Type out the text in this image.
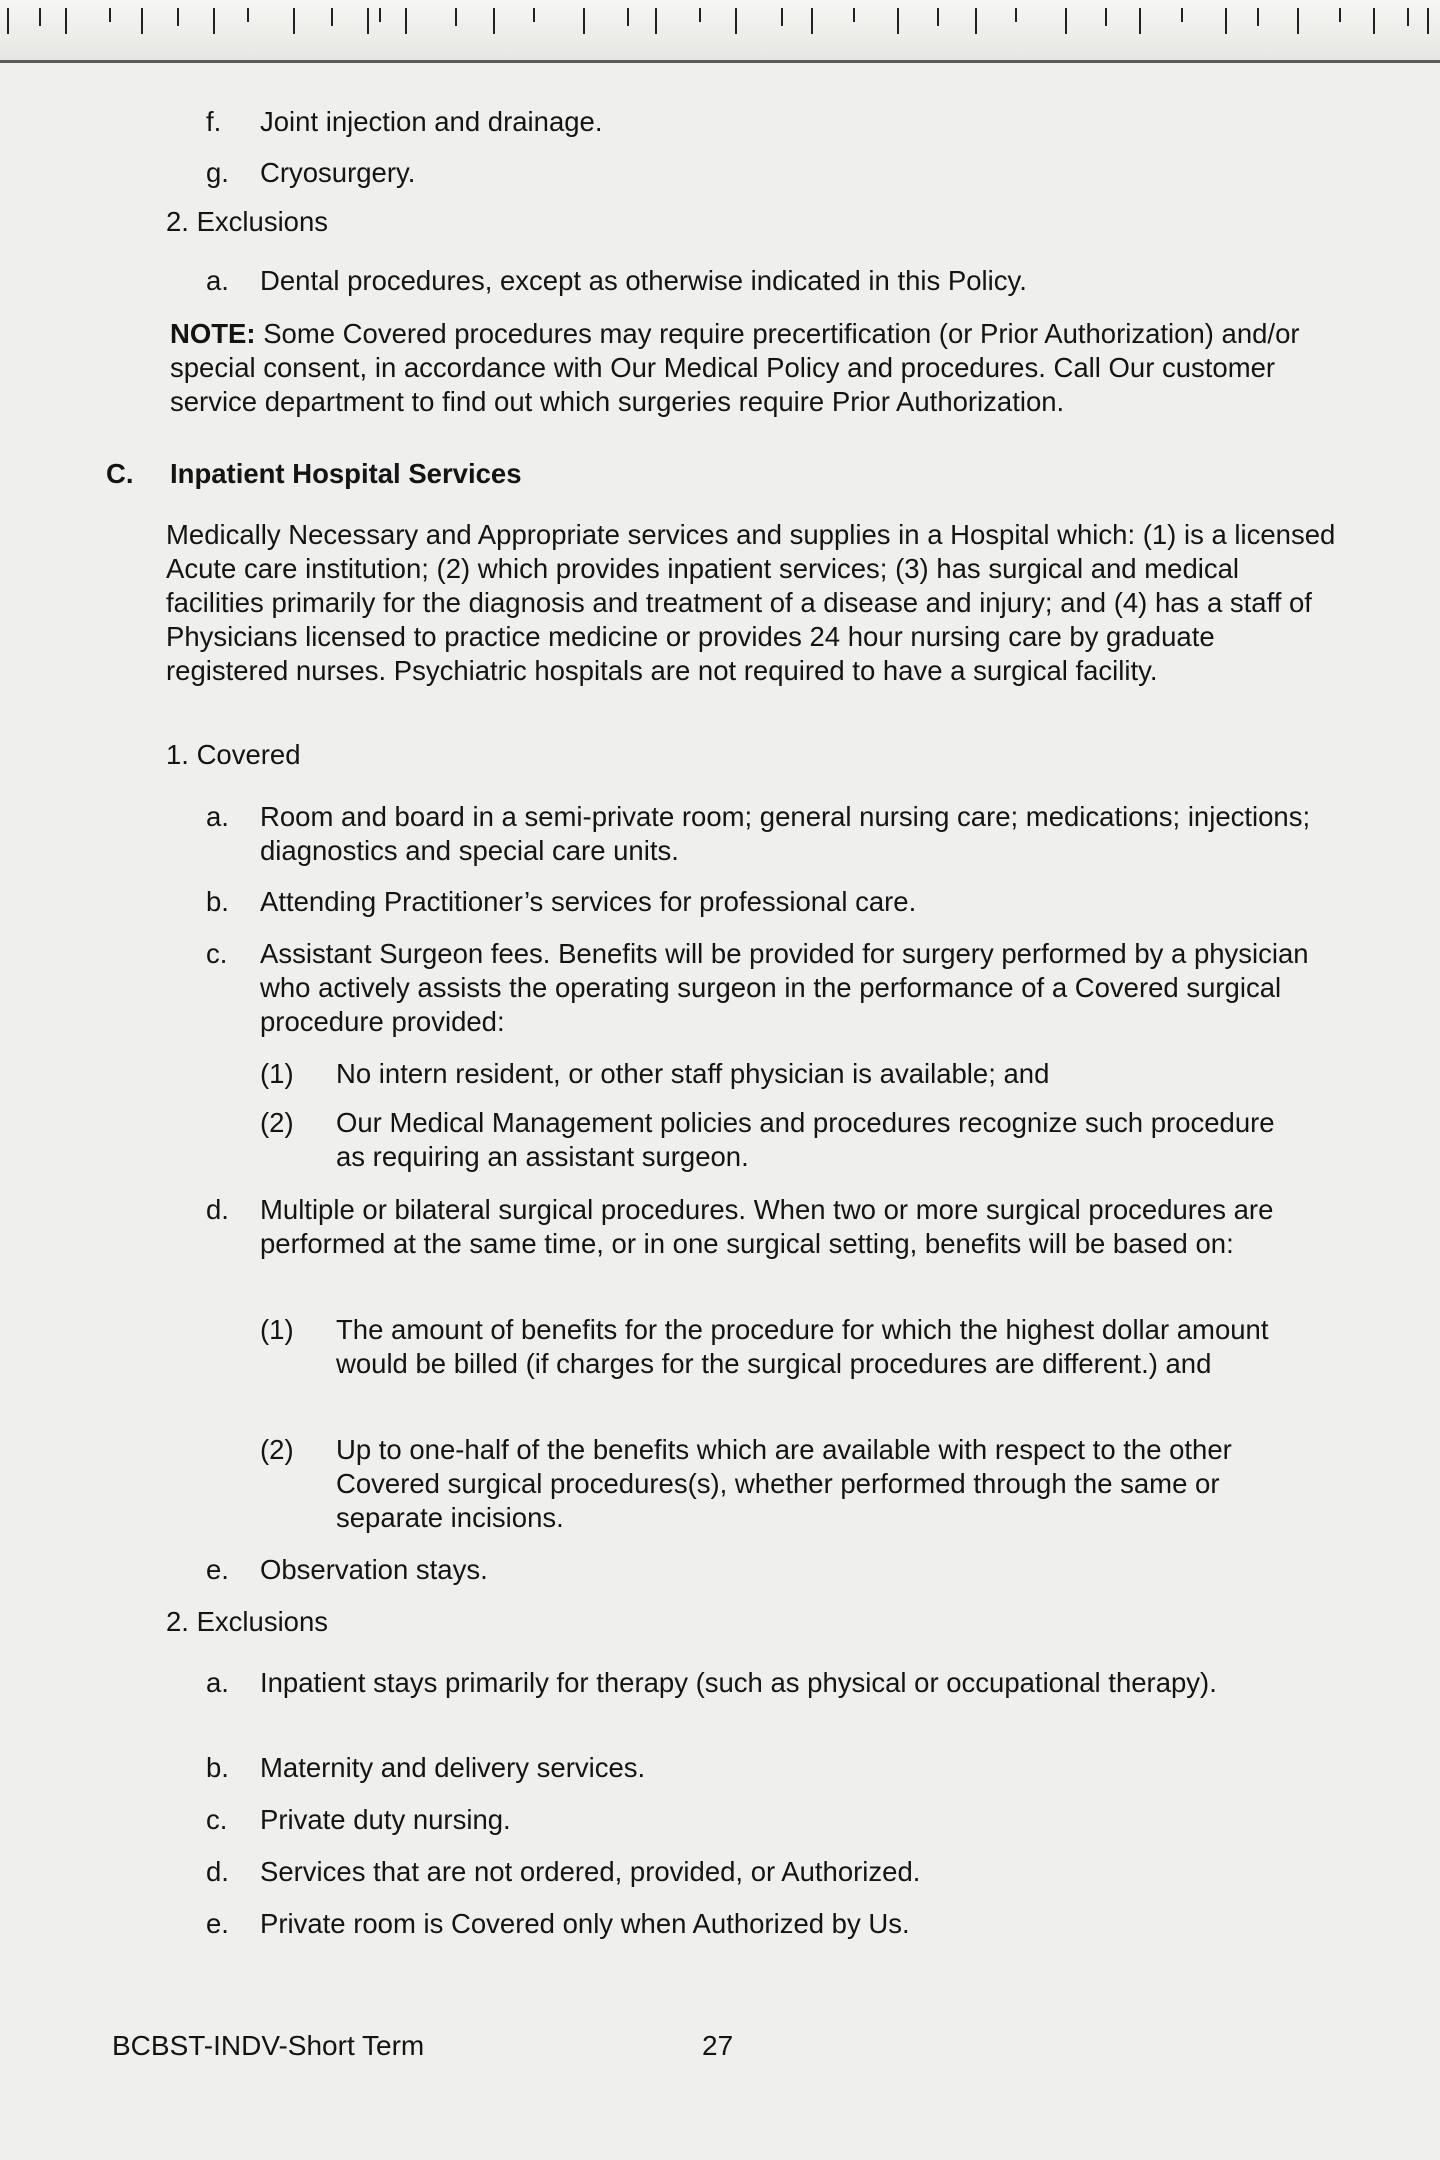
f. Joint injection and drainage.
g. Cryosurgery.
2. Exclusions
a. Dental procedures, except as otherwise indicated in this Policy.
NOTE: Some Covered procedures may require precertification (or Prior Authorization) and/or special consent, in accordance with Our Medical Policy and procedures. Call Our customer service department to find out which surgeries require Prior Authorization.
C. Inpatient Hospital Services
Medically Necessary and Appropriate services and supplies in a Hospital which: (1) is a licensed Acute care institution; (2) which provides inpatient services; (3) has surgical and medical facilities primarily for the diagnosis and treatment of a disease and injury; and (4) has a staff of Physicians licensed to practice medicine or provides 24 hour nursing care by graduate registered nurses. Psychiatric hospitals are not required to have a surgical facility.
1. Covered
a. Room and board in a semi-private room; general nursing care; medications; injections; diagnostics and special care units.
b. Attending Practitioner’s services for professional care.
c. Assistant Surgeon fees. Benefits will be provided for surgery performed by a physician who actively assists the operating surgeon in the performance of a Covered surgical procedure provided:
(1) No intern resident, or other staff physician is available; and
(2) Our Medical Management policies and procedures recognize such procedure as requiring an assistant surgeon.
d. Multiple or bilateral surgical procedures. When two or more surgical procedures are performed at the same time, or in one surgical setting, benefits will be based on:
(1) The amount of benefits for the procedure for which the highest dollar amount would be billed (if charges for the surgical procedures are different.) and
(2) Up to one-half of the benefits which are available with respect to the other Covered surgical procedures(s), whether performed through the same or separate incisions.
e. Observation stays.
2. Exclusions
a. Inpatient stays primarily for therapy (such as physical or occupational therapy).
b. Maternity and delivery services.
c. Private duty nursing.
d. Services that are not ordered, provided, or Authorized.
e. Private room is Covered only when Authorized by Us.
BCBST-INDV-Short Term	27
